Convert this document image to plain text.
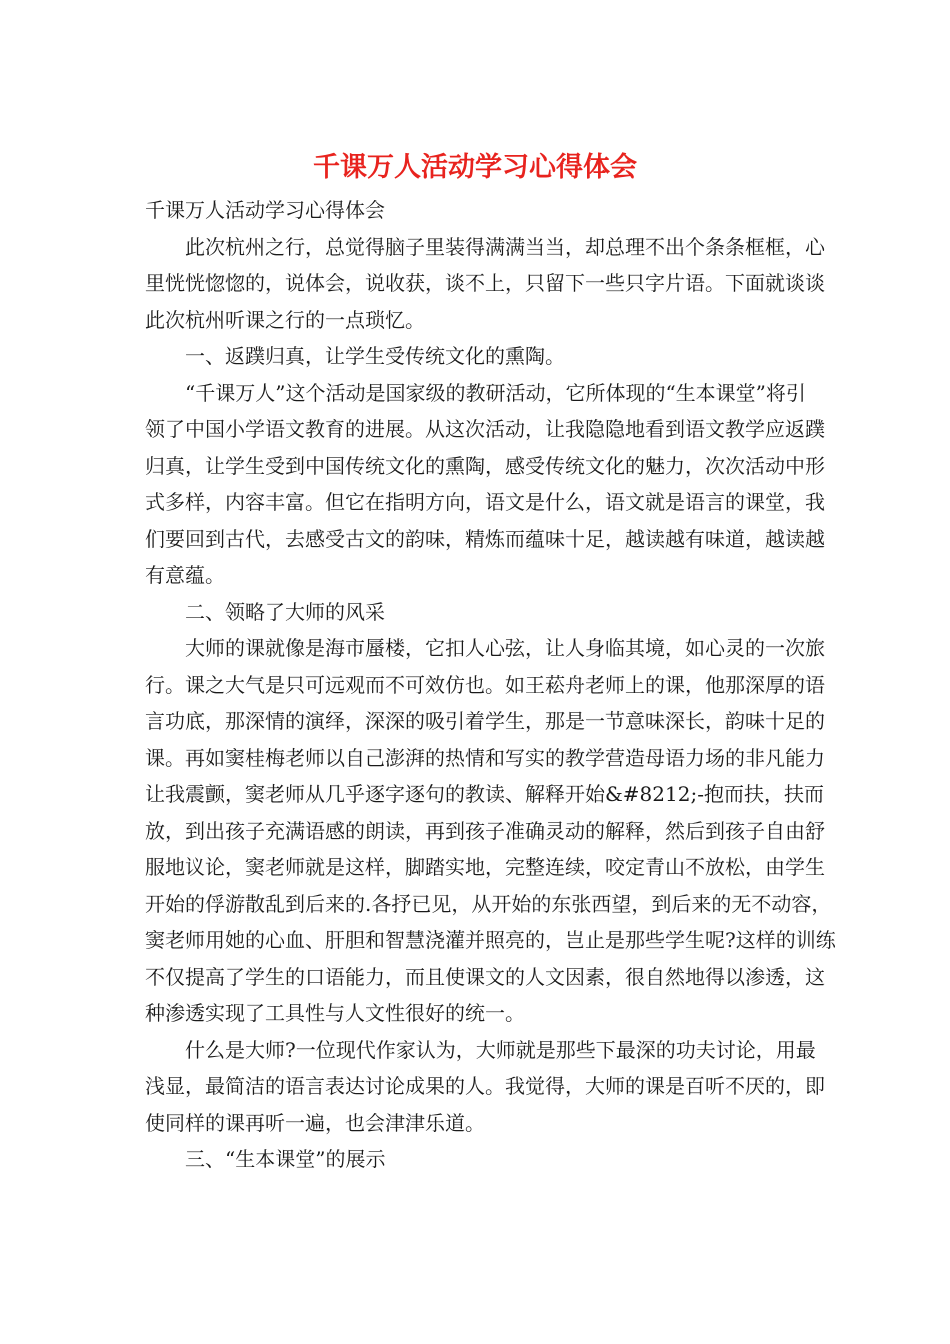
千课万人活动学习心得体会

千课万人活动学习心得体会

此次杭州之行，总觉得脑子里装得满满当当，却总理不出个条条框框，心里恍恍惚惚的，说体会，说收获，谈不上，只留下一些只字片语。下面就谈谈此次杭州听课之行的一点琐忆。

一、返蹼归真，让学生受传统文化的熏陶。

“千课万人”这个活动是国家级的教研活动，它所体现的“生本课堂”将引领了中国小学语文教育的进展。从这次活动，让我隐隐地看到语文教学应返蹼归真，让学生受到中国传统文化的熏陶，感受传统文化的魅力，次次活动中形式多样，内容丰富。但它在指明方向，语文是什么，语文就是语言的课堂，我们要回到古代，去感受古文的韵味，精炼而蕴味十足，越读越有味道，越读越有意蕴。

二、领略了大师的风采

大师的课就像是海市蜃楼，它扣人心弦，让人身临其境，如心灵的一次旅行。课之大气是只可远观而不可效仿也。如王菘舟老师上的课，他那深厚的语言功底，那深情的演绎，深深的吸引着学生，那是一节意味深长，韵味十足的课。再如窦桂梅老师以自己澎湃的热情和写实的教学营造母语力场的非凡能力让我震颤，窦老师从几乎逐字逐句的教读、解释开始&#8212;-抱而扶，扶而放，到出孩子充满语感的朗读，再到孩子准确灵动的解释，然后到孩子自由舒服地议论，窦老师就是这样，脚踏实地，完整连续，咬定青山不放松，由学生开始的俘游散乱到后来的.各抒已见，从开始的东张西望，到后来的无不动容，窦老师用她的心血、肝胆和智慧浇灌并照亮的，岂止是那些学生呢?这样的训练不仅提高了学生的口语能力，而且使课文的人文因素，很自然地得以渗透，这种渗透实现了工具性与人文性很好的统一。

什么是大师?一位现代作家认为，大师就是那些下最深的功夫讨论，用最浅显，最简洁的语言表达讨论成果的人。我觉得，大师的课是百听不厌的，即使同样的课再听一遍，也会津津乐道。

三、“生本课堂”的展示
